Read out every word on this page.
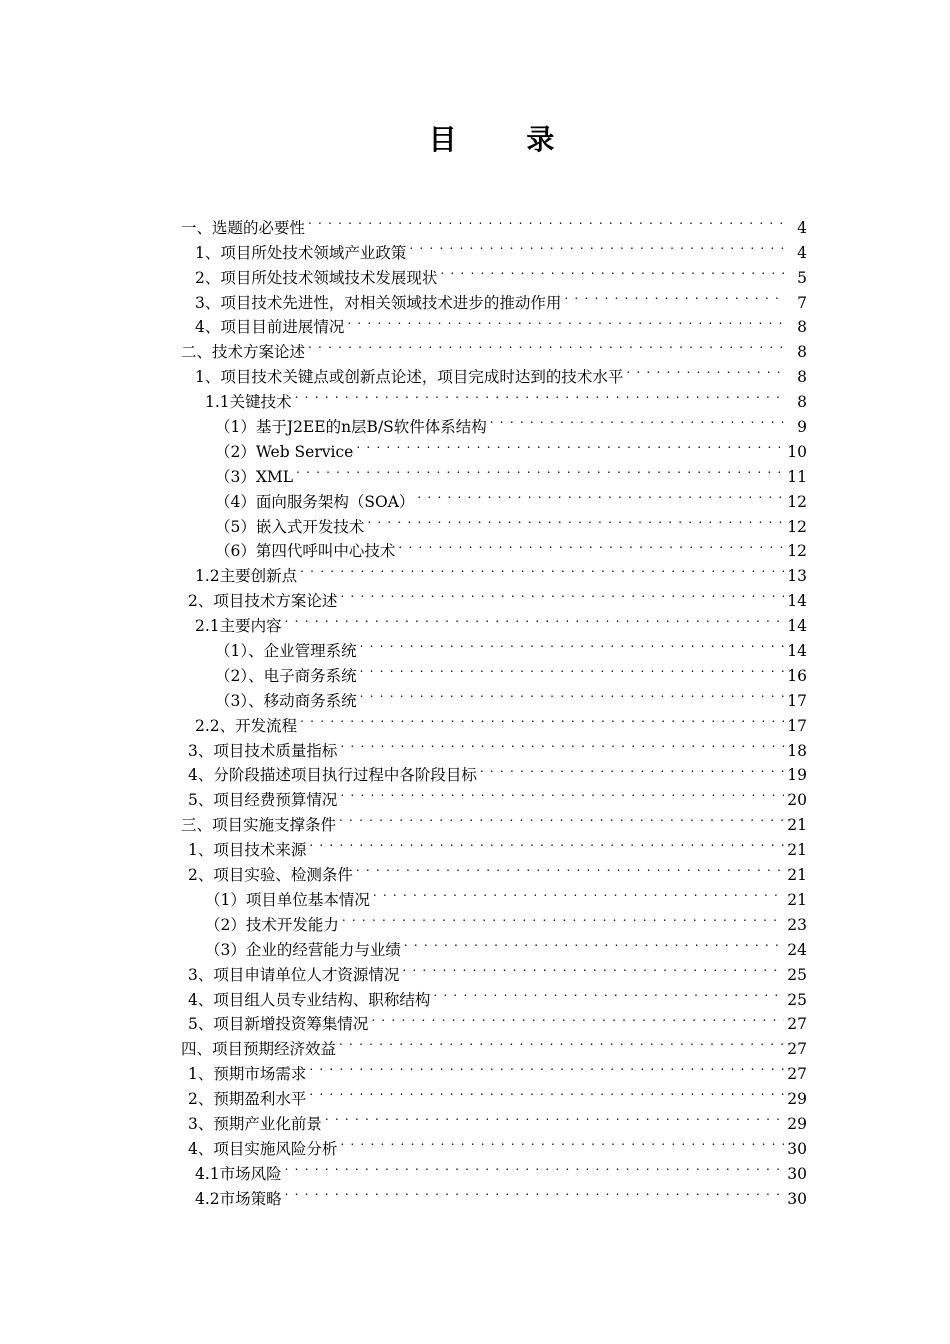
目 录
一、选题的必要性 . . .	4
1、项目所处技术领域产业政策 . . .	4
2、项目所处技术领域技术发展现状 . . .	5
3、项目技术先进性，对相关领域技术进步的推动作用 . . .	7
4、项目目前进展情况 . . .	8
二、技术方案论述 . . .	8
1、项目技术关键点或创新点论述，项目完成时达到的技术水平 . . .	8
1.1关键技术 . . .	8
（1）基于J2EE的n层B/S软件体系结构 . . .	9
（2）Web Service . . .	10
（3）XML . . .	11
（4）面向服务架构（SOA） . . .	12
（5）嵌入式开发技术 . . .	12
（6）第四代呼叫中心技术 . . .	12
1.2主要创新点 . . .	13
2、项目技术方案论述 . . .	14
2.1主要内容 . . .	14
（1）、企业管理系统 . . .	14
（2）、电子商务系统 . . .	16
（3）、移动商务系统 . . .	17
2.2、开发流程 . . .	17
3、项目技术质量指标 . . .	18
4、分阶段描述项目执行过程中各阶段目标 . . .	19
5、项目经费预算情况 . . .	20
三、项目实施支撑条件 . . .	21
1、项目技术来源 . . .	21
2、项目实验、检测条件 . . .	21
（1）项目单位基本情况 . . .	21
（2）技术开发能力 . . .	23
（3）企业的经营能力与业绩 . . .	24
3、项目申请单位人才资源情况 . . .	25
4、项目组人员专业结构、职称结构 . . .	25
5、项目新增投资筹集情况 . . .	27
四、项目预期经济效益 . . .	27
1、预期市场需求 . . .	27
2、预期盈利水平 . . .	29
3、预期产业化前景 . . .	29
4、项目实施风险分析 . . .	30
4.1市场风险 . . .	30
4.2市场策略 . . .	30
